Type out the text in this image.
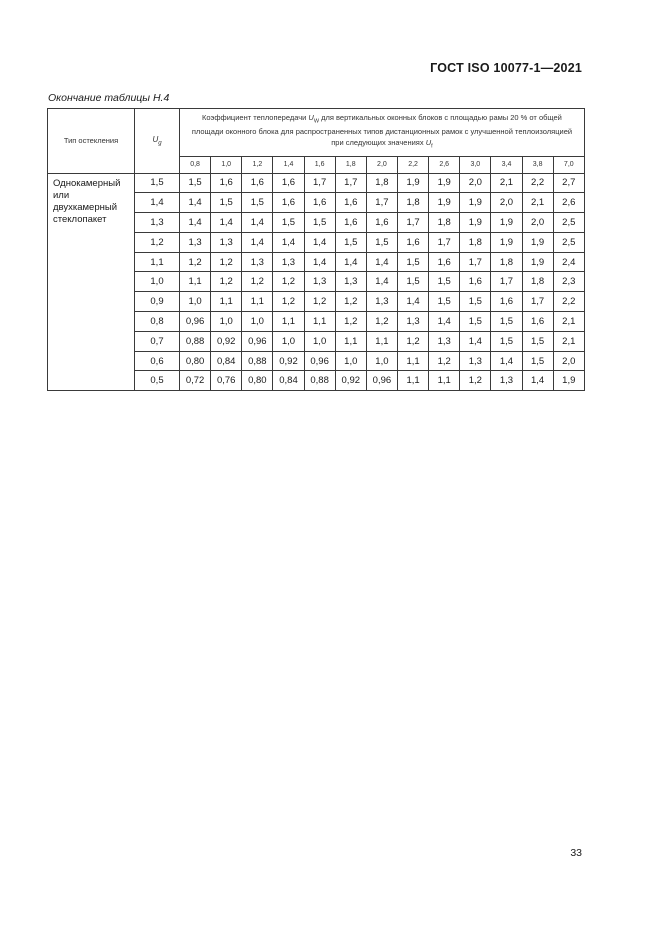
ГОСТ ISO 10077-1—2021
Окончание таблицы Н.4
Тип остекления	$U_g$	Коэффициент теплопередачи $U_W$ для вертикальных оконных блоков с площадью рамы 20 % от общей площади оконного блока для распространенных типов дистанционных рамок с улучшенной теплоизоляцией при следующих значениях $U_f$
		0,8	1,0	1,2	1,4	1,6	1,8	2,0	2,2	2,6	3,0	3,4	3,8	7,0

Однокамерный
или
двухкамерный
стеклопакет	1,5	1,5	1,6	1,6	1,6	1,7	1,7	1,8	1,9	1,9	2,0	2,1	2,2	2,7
	1,4	1,4	1,5	1,5	1,6	1,6	1,6	1,7	1,8	1,9	1,9	2,0	2,1	2,6
	1,3	1,4	1,4	1,4	1,5	1,5	1,6	1,6	1,7	1,8	1,9	1,9	2,0	2,5
	1,2	1,3	1,3	1,4	1,4	1,4	1,5	1,5	1,6	1,7	1,8	1,9	1,9	2,5
	1,1	1,2	1,2	1,3	1,3	1,4	1,4	1,4	1,5	1,6	1,7	1,8	1,9	2,4
	1,0	1,1	1,2	1,2	1,2	1,3	1,3	1,4	1,5	1,5	1,6	1,7	1,8	2,3
	0,9	1,0	1,1	1,1	1,2	1,2	1,2	1,3	1,4	1,5	1,5	1,6	1,7	2,2
	0,8	0,96	1,0	1,0	1,1	1,1	1,2	1,2	1,3	1,4	1,5	1,5	1,6	2,1
	0,7	0,88	0,92	0,96	1,0	1,0	1,1	1,1	1,2	1,3	1,4	1,5	1,5	2,1
	0,6	0,80	0,84	0,88	0,92	0,96	1,0	1,0	1,1	1,2	1,3	1,4	1,5	2,0
	0,5	0,72	0,76	0,80	0,84	0,88	0,92	0,96	1,1	1,1	1,2	1,3	1,4	1,9
33
